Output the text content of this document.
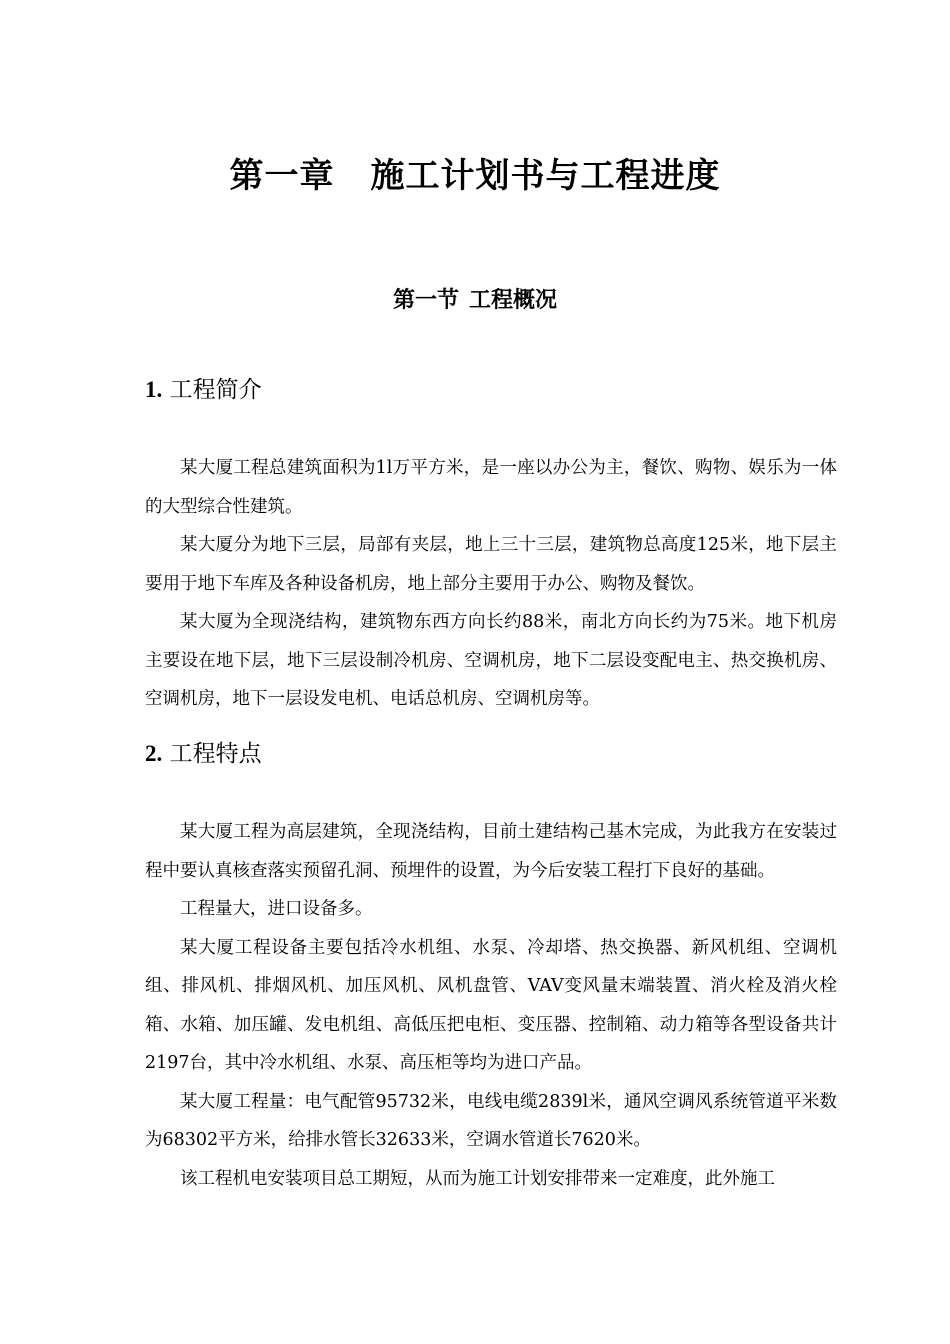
第一章 施工计划书与工程进度
第一节 工程概况
1. 工程简介

某大厦工程总建筑面积为1l万平方米，是一座以办公为主，餐饮、购物、娱乐为一体的大型综合性建筑。

某大厦分为地下三层，局部有夹层，地上三十三层，建筑物总高度125米，地下层主要用于地下车库及各种设备机房，地上部分主要用于办公、购物及餐饮。

某大厦为全现浇结构，建筑物东西方向长约88米，南北方向长约为75米。地下机房主要设在地下层，地下三层设制冷机房、空调机房，地下二层设变配电主、热交换机房、空调机房，地下一层设发电机、电话总机房、空调机房等。

2. 工程特点

某大厦工程为高层建筑，全现浇结构，目前土建结构己基木完成，为此我方在安装过程中要认真核查落实预留孔洞、预埋件的设置，为今后安装工程打下良好的基础。

工程量大，进口设备多。

某大厦工程设备主要包括冷水机组、水泵、冷却塔、热交换器、新风机组、空调机组、排风机、排烟风机、加压风机、风机盘管、VAV变风量末端装置、消火栓及消火栓箱、水箱、加压罐、发电机组、高低压把电柜、变压器、控制箱、动力箱等各型设备共计2197台，其中冷水机组、水泵、高压柜等均为进口产品。

某大厦工程量：电气配管95732米，电线电缆2839l米，通风空调风系统管道平米数为68302平方米，给排水管长32633米，空调水管道长7620米。

该工程机电安装项目总工期短，从而为施工计划安排带来一定难度，此外施工
